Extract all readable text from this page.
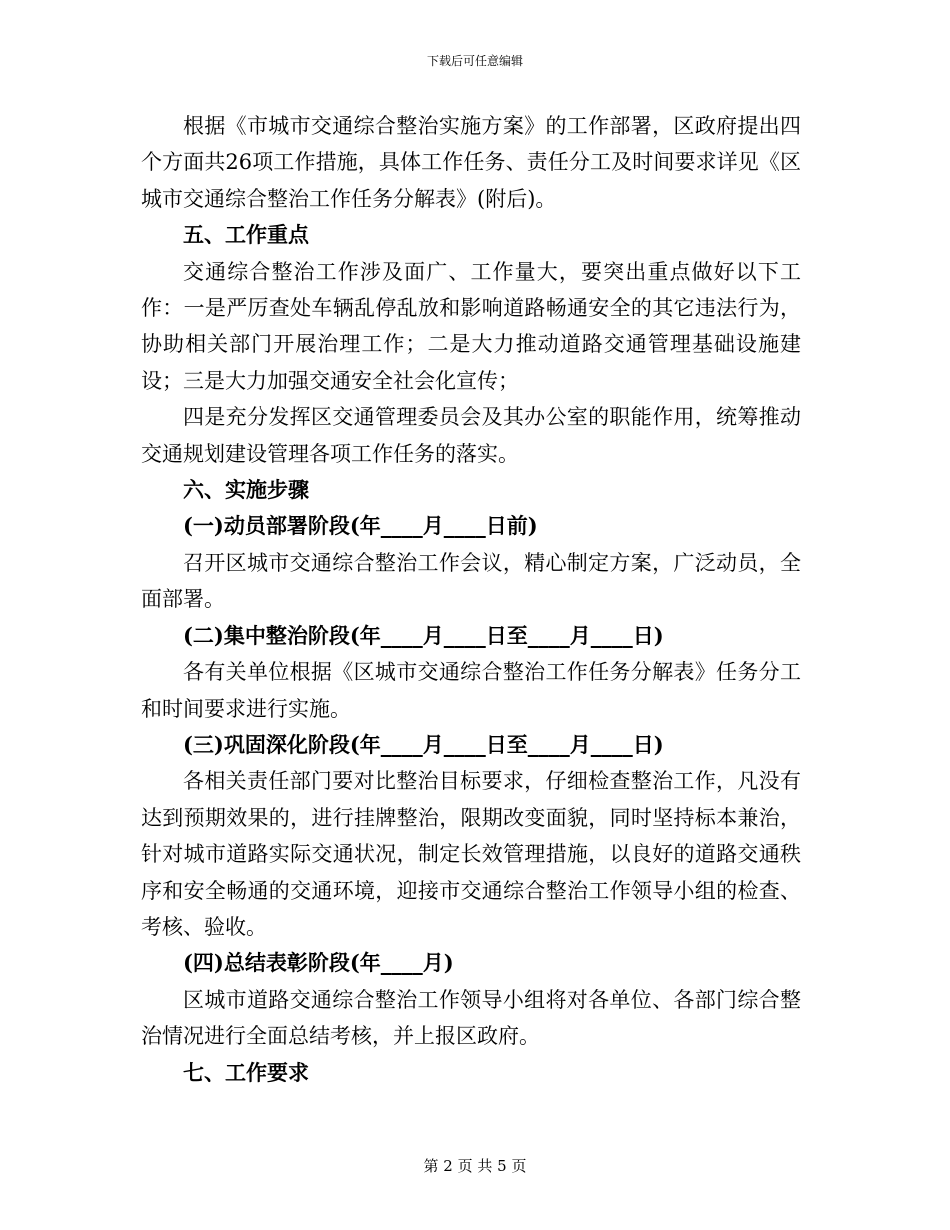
下载后可任意编辑

根据《市城市交通综合整治实施方案》的工作部署，区政府提出四个方面共26项工作措施，具体工作任务、责任分工及时间要求详见《区城市交通综合整治工作任务分解表》(附后)。

五、工作重点

交通综合整治工作涉及面广、工作量大，要突出重点做好以下工作：一是严厉查处车辆乱停乱放和影响道路畅通安全的其它违法行为，协助相关部门开展治理工作；二是大力推动道路交通管理基础设施建设；三是大力加强交通安全社会化宣传；

四是充分发挥区交通管理委员会及其办公室的职能作用，统筹推动交通规划建设管理各项工作任务的落实。

六、实施步骤

(一)动员部署阶段(年____月____日前)

召开区城市交通综合整治工作会议，精心制定方案，广泛动员，全面部署。

(二)集中整治阶段(年____月____日至____月____日)

各有关单位根据《区城市交通综合整治工作任务分解表》任务分工和时间要求进行实施。

(三)巩固深化阶段(年____月____日至____月____日)

各相关责任部门要对比整治目标要求，仔细检查整治工作，凡没有达到预期效果的，进行挂牌整治，限期改变面貌，同时坚持标本兼治，针对城市道路实际交通状况，制定长效管理措施，以良好的道路交通秩序和安全畅通的交通环境，迎接市交通综合整治工作领导小组的检查、考核、验收。

(四)总结表彰阶段(年____月)

区城市道路交通综合整治工作领导小组将对各单位、各部门综合整治情况进行全面总结考核，并上报区政府。

七、工作要求

第 2 页 共 5 页
